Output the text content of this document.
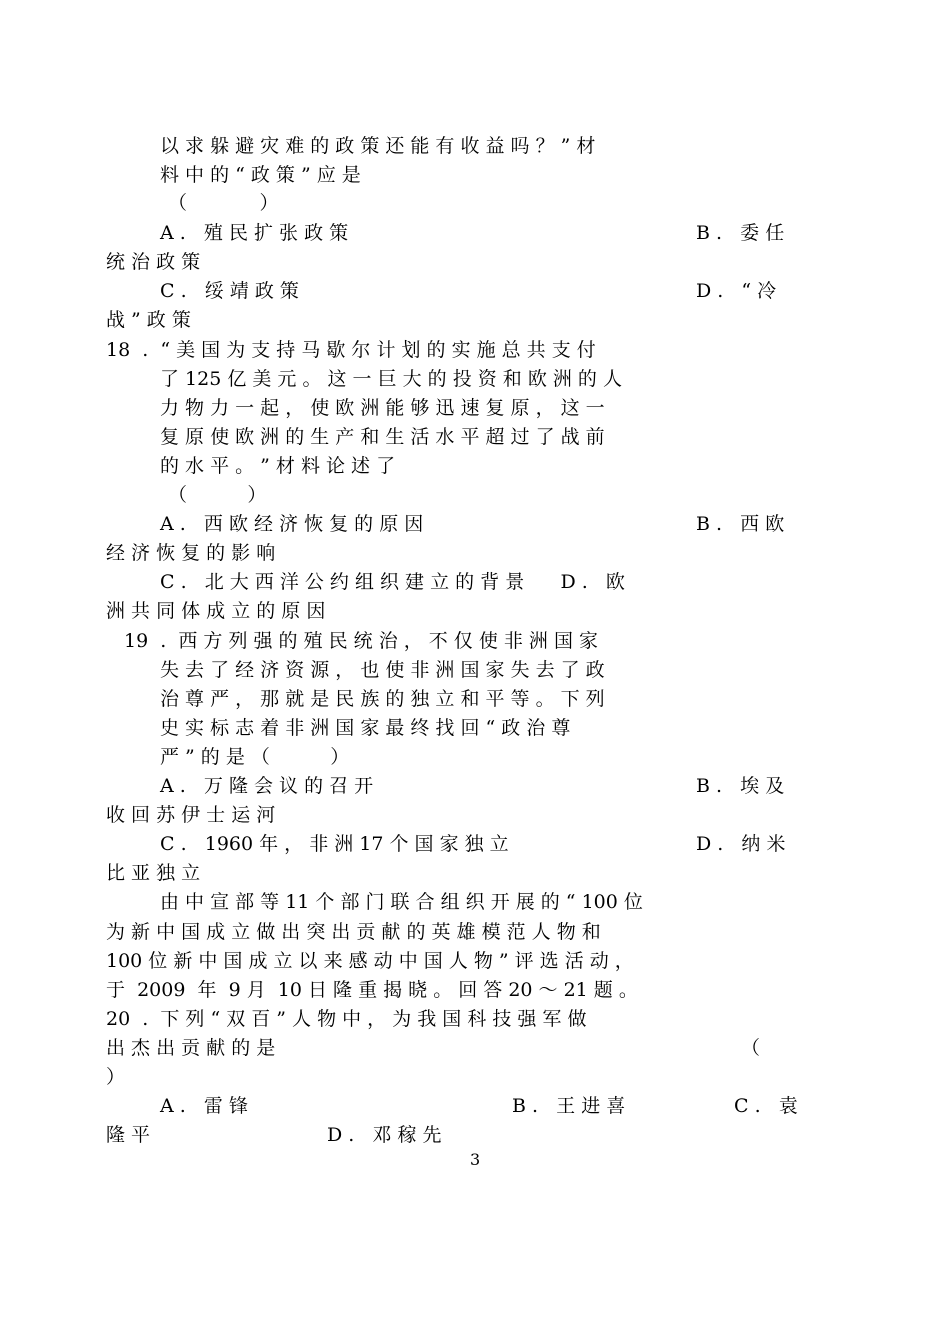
以 求 躲 避 灾 难 的 政 策 还 能 有 收 益 吗 ？ ” 材
料 中 的 “ 政 策 ” 应 是
（            ）
A .   殖 民 扩 张 政 策	B .   委 任
统 治 政 策
C .   绥 靖 政 策	D .   “ 冷
战 ” 政 策
18  .  “ 美 国 为 支 持 马 歇 尔 计 划 的 实 施 总 共 支 付
了 125 亿 美 元 。 这 一 巨 大 的 投 资 和 欧 洲 的 人
力 物 力 一 起 ， 使 欧 洲 能 够 迅 速 复 原 ， 这 一
复 原 使 欧 洲 的 生 产 和 生 活 水 平 超 过 了 战 前
的 水 平 。 ” 材 料 论 述 了
（          ）
A .   西 欧 经 济 恢 复 的 原 因	B .   西 欧
经 济 恢 复 的 影 响
C .   北 大 西 洋 公 约 组 织 建 立 的 背 景      D .   欧
洲 共 同 体 成 立 的 原 因
19  .  西 方 列 强 的 殖 民 统 治 ， 不 仅 使 非 洲 国 家
失 去 了 经 济 资 源 ， 也 使 非 洲 国 家 失 去 了 政
治 尊 严 ， 那 就 是 民 族 的 独 立 和 平 等 。 下 列
史 实 标 志 着 非 洲 国 家 最 终 找 回 “ 政 治 尊
严 ” 的 是 （          ）
A .   万 隆 会 议 的 召 开	B .   埃 及
收 回 苏 伊 士 运 河
C .   1960 年 ， 非 洲 17 个 国 家 独 立	D .   纳 米
比 亚 独 立
由 中 宣 部 等 11 个 部 门 联 合 组 织 开 展 的 “ 100 位
为 新 中 国 成 立 做 出 突 出 贡 献 的 英 雄 模 范 人 物 和
100 位 新 中 国 成 立 以 来 感 动 中 国 人 物 ” 评 选 活 动 ，
于  2009  年  9 月  10 日 隆 重 揭 晓 。 回 答 20 ～ 21 题 。
20  .  下 列 “ 双 百 ” 人 物 中 ， 为 我 国 科 技 强 军 做
出 杰 出 贡 献 的 是	（
）
A .   雷 锋	B .   王 进 喜	C .   袁
隆 平	D .   邓 稼 先
3
